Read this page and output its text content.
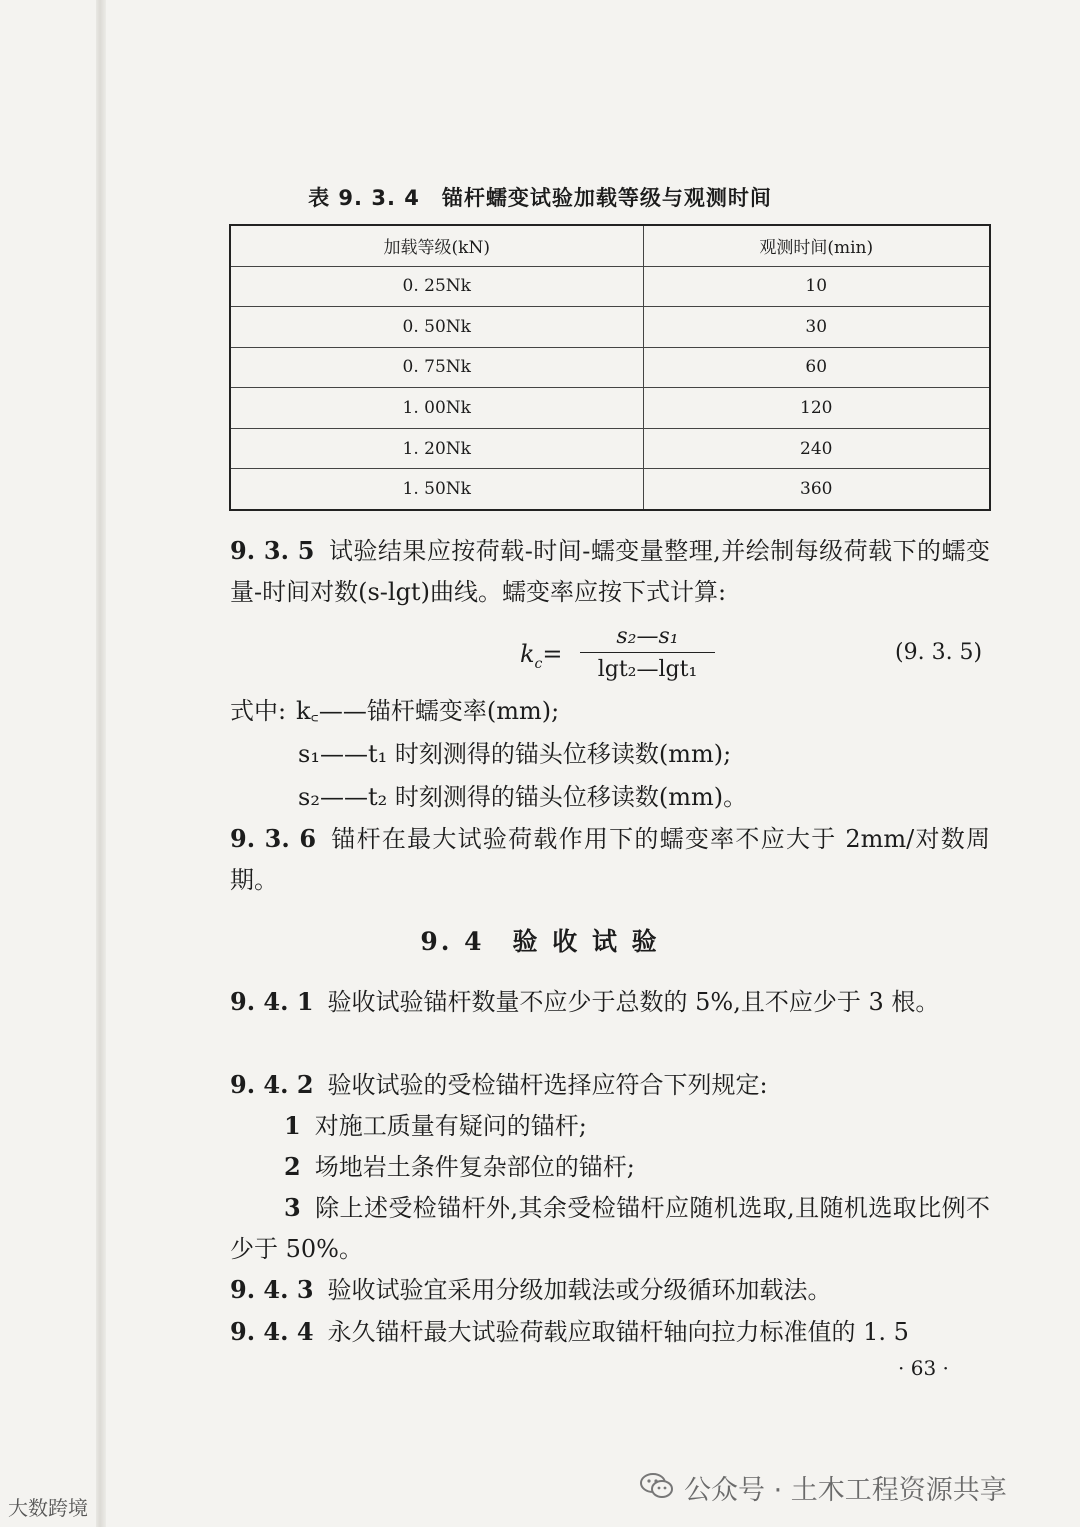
表 9. 3. 4　锚杆蠕变试验加载等级与观测时间
加载等级(kN)	观测时间(min)
0. 25Nk	10
0. 50Nk	30
0. 75Nk	60
1. 00Nk	120
1. 20Nk	240
1. 50Nk	360
9. 3. 5 试验结果应按荷载-时间-蠕变量整理,并绘制每级荷载下的蠕变量-时间对数(s-lgt)曲线。蠕变率应按下式计算:
$k_c=$
s₂—s₁
lgt₂—lgt₁
(9. 3. 5)
式中: k꜀——锚杆蠕变率(mm);
s₁——t₁ 时刻测得的锚头位移读数(mm);
s₂——t₂ 时刻测得的锚头位移读数(mm)。
9. 3. 6 锚杆在最大试验荷载作用下的蠕变率不应大于 2mm/对数周期。
9. 4　验 收 试 验
9. 4. 1 验收试验锚杆数量不应少于总数的 5%,且不应少于 3 根。
9. 4. 2 验收试验的受检锚杆选择应符合下列规定:
1 对施工质量有疑问的锚杆;
2 场地岩土条件复杂部位的锚杆;
3 除上述受检锚杆外,其余受检锚杆应随机选取,且随机选取比例不少于 50%。
9. 4. 3 验收试验宜采用分级加载法或分级循环加载法。
9. 4. 4 永久锚杆最大试验荷载应取锚杆轴向拉力标准值的 1. 5
· 63 ·
公众号 · 土木工程资源共享
大数跨境
